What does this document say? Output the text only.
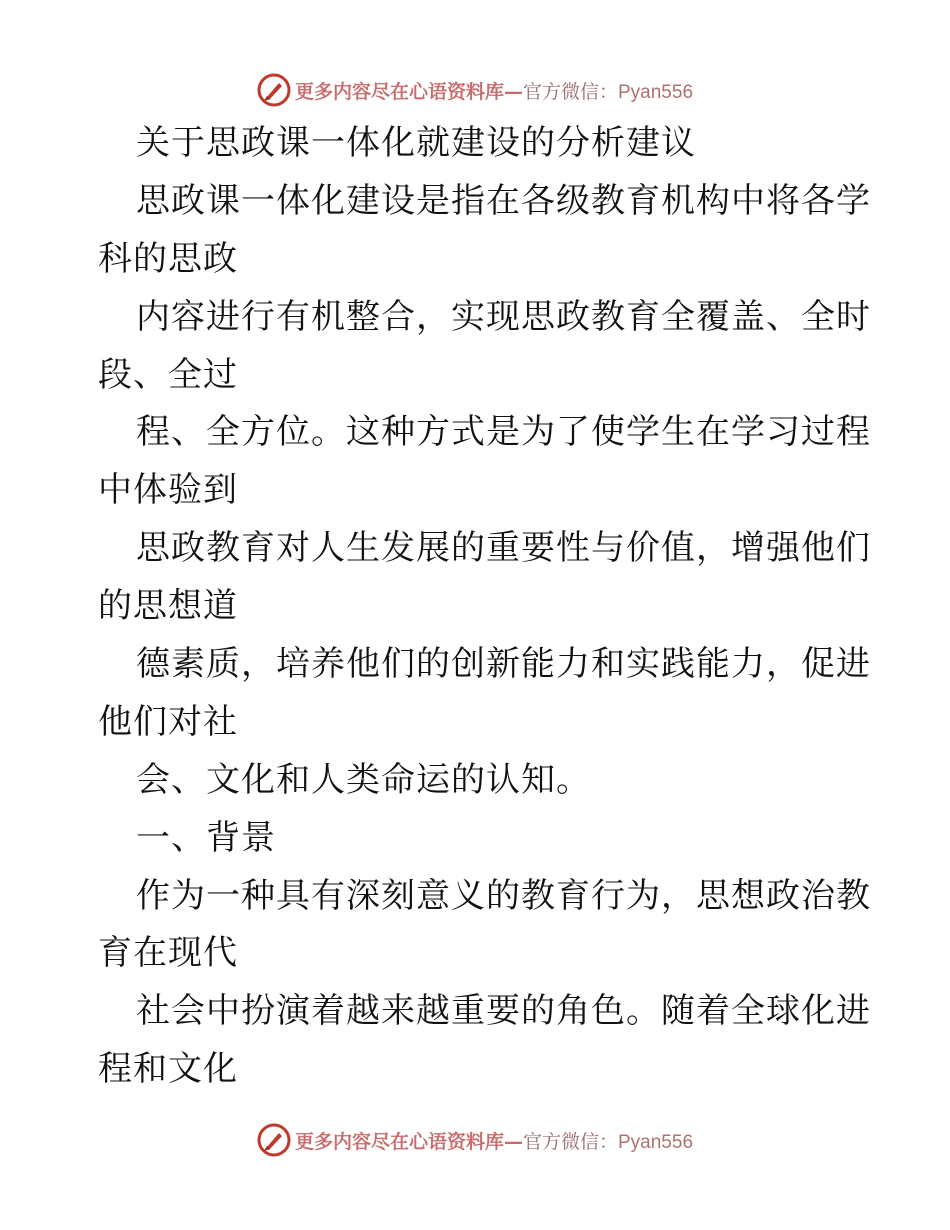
更多内容尽在心语资料库—官方微信：Pyan556
关于思政课一体化就建设的分析建议
思政课一体化建设是指在各级教育机构中将各学
科的思政
内容进行有机整合，实现思政教育全覆盖、全时
段、全过
程、全方位。这种方式是为了使学生在学习过程
中体验到
思政教育对人生发展的重要性与价值，增强他们
的思想道
德素质，培养他们的创新能力和实践能力，促进
他们对社
会、文化和人类命运的认知。
一、背景
作为一种具有深刻意义的教育行为，思想政治教
育在现代
社会中扮演着越来越重要的角色。随着全球化进
程和文化
更多内容尽在心语资料库—官方微信：Pyan556
